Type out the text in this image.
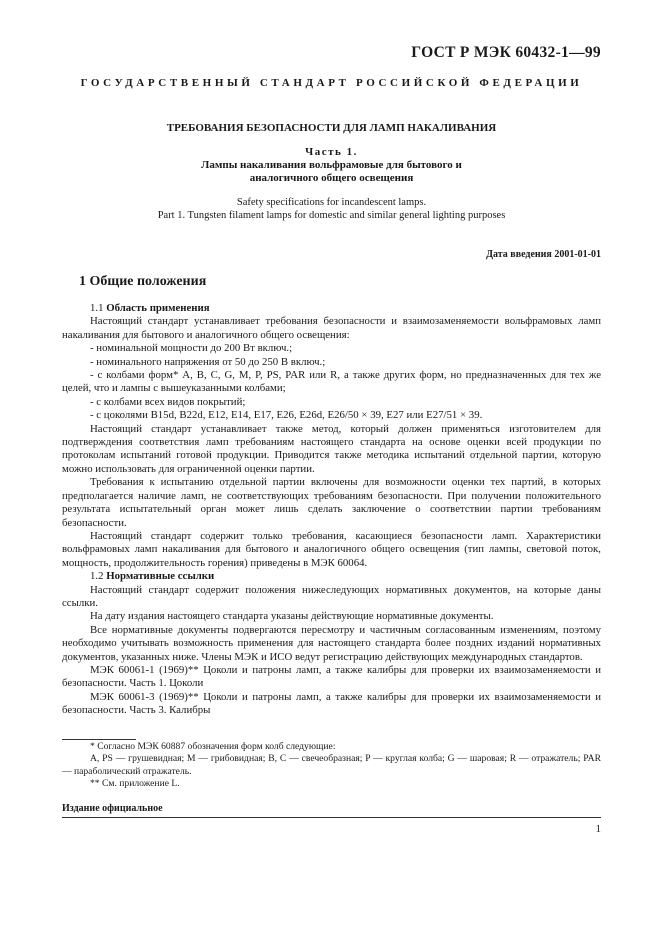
ГОСТ Р МЭК 60432-1—99
ГОСУДАРСТВЕННЫЙ СТАНДАРТ РОССИЙСКОЙ ФЕДЕРАЦИИ
ТРЕБОВАНИЯ БЕЗОПАСНОСТИ ДЛЯ ЛАМП НАКАЛИВАНИЯ
Часть 1.
Лампы накаливания вольфрамовые для бытового и
аналогичного общего освещения
Safety specifications for incandescent lamps.
Part 1. Tungsten filament lamps for domestic and similar general lighting purposes
Дата введения 2001-01-01
1 Общие положения

1.1 Область применения

Настоящий стандарт устанавливает требования безопасности и взаимозаменяемости вольфрамовых ламп накаливания для бытового и аналогичного общего освещения:

- номинальной мощности до 200 Вт включ.;

- номинального напряжения от 50 до 250 В включ.;

- с колбами форм* A, B, C, G, M, P, PS, PAR или R, а также других форм, но предназначенных для тех же целей, что и лампы с вышеуказанными колбами;

- с колбами всех видов покрытий;

- с цоколями B15d, B22d, E12, E14, E17, E26, E26d, E26/50 × 39, E27 или E27/51 × 39.

Настоящий стандарт устанавливает также метод, который должен применяться изготовителем для подтверждения соответствия ламп требованиям настоящего стандарта на основе оценки всей продукции по протоколам испытаний готовой продукции. Приводится также методика испытаний отдельной партии, которую можно использовать для ограниченной оценки партии.

Требования к испытанию отдельной партии включены для возможности оценки тех партий, в которых предполагается наличие ламп, не соответствующих требованиям безопасности. При получении положительного результата испытательный орган может лишь сделать заключение о соответствии партии требованиям безопасности.

Настоящий стандарт содержит только требования, касающиеся безопасности ламп. Характеристики вольфрамовых ламп накаливания для бытового и аналогичного общего освещения (тип лампы, световой поток, мощность, продолжительность горения) приведены в МЭК 60064.

1.2 Нормативные ссылки

Настоящий стандарт содержит положения нижеследующих нормативных документов, на которые даны ссылки.

На дату издания настоящего стандарта указаны действующие нормативные документы.

Все нормативные документы подвергаются пересмотру и частичным согласованным изменениям, поэтому необходимо учитывать возможность применения для настоящего стандарта более поздних изданий нормативных документов, указанных ниже. Члены МЭК и ИСО ведут регистрацию действующих международных стандартов.

МЭК 60061-1 (1969)** Цоколи и патроны ламп, а также калибры для проверки их взаимозаменяемости и безопасности. Часть 1. Цоколи

МЭК 60061-3 (1969)** Цоколи и патроны ламп, а также калибры для проверки их взаимозаменяемости и безопасности. Часть 3. Калибры

* Согласно МЭК 60887 обозначения форм колб следующие:

A, PS — грушевидная; M — грибовидная; B, C — свечеобразная; P — круглая колба; G — шаровая; R — отражатель; PAR — параболический отражатель.

** См. приложение L.

Издание официальное
1
